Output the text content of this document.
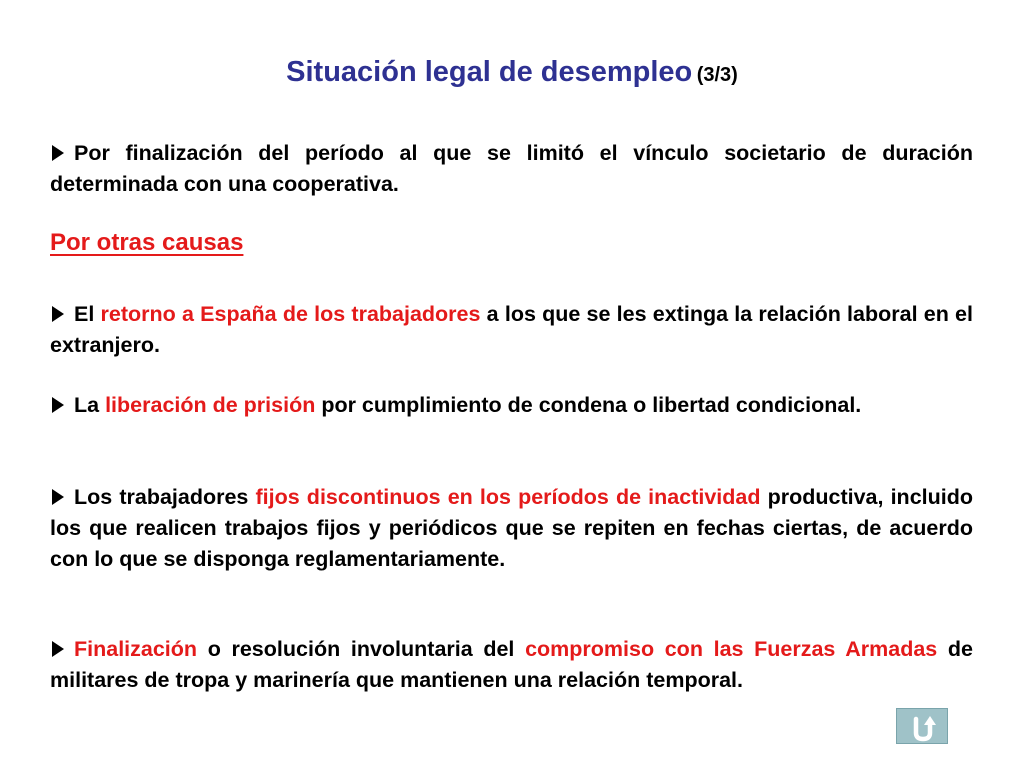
Situación legal de desempleo (3/3)

Por finalización del período al que se limitó el vínculo societario de duración determinada con una cooperativa.

Por otras causas

El retorno a España de los trabajadores a los que se les extinga la relación laboral en el extranjero.

La liberación de prisión por cumplimiento de condena o libertad condicional.

Los trabajadores fijos discontinuos en los períodos de inactividad productiva, incluido los que realicen trabajos fijos y periódicos que se repiten en fechas ciertas, de acuerdo con lo que se disponga reglamentariamente.

Finalización o resolución involuntaria del compromiso con las Fuerzas Armadas de militares de tropa y marinería que mantienen una relación temporal.
